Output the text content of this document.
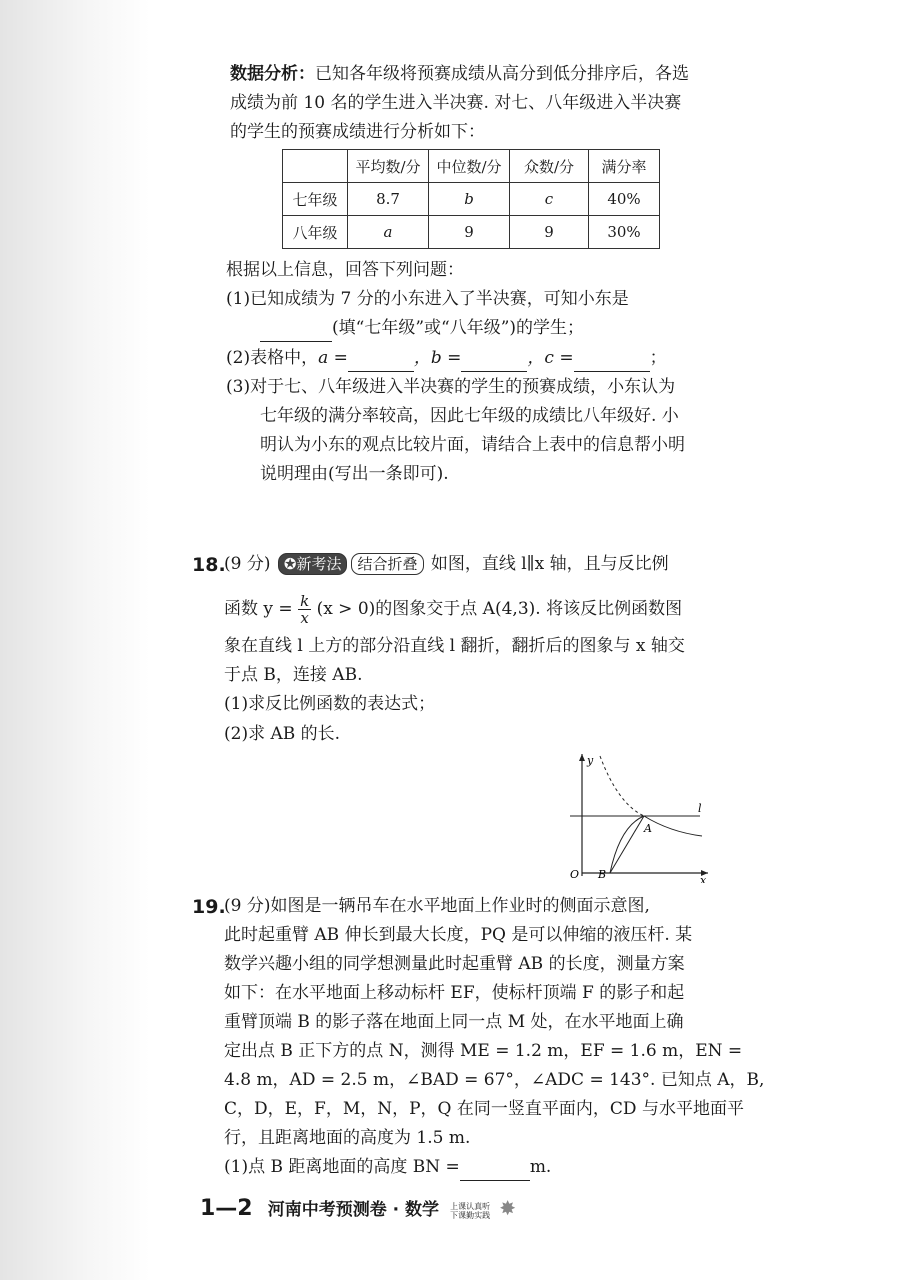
数据分析：已知各年级将预赛成绩从高分到低分排序后，各选
成绩为前 10 名的学生进入半决赛. 对七、八年级进入半决赛
的学生的预赛成绩进行分析如下：
	平均数/分	中位数/分	众数/分	满分率
七年级	8.7	b	c	40%
八年级	a	9	9	30%
根据以上信息，回答下列问题：
(1)已知成绩为 7 分的小东进入了半决赛，可知小东是
(填“七年级”或“八年级”)的学生；
(2)表格中，a =	，b =	，c =	；
(3)对于七、八年级进入半决赛的学生的预赛成绩，小东认为
七年级的满分率较高，因此七年级的成绩比八年级好. 小
明认为小东的观点比较片面，请结合上表中的信息帮小明
说明理由(写出一条即可).
18.
(9 分) ✪新考法 结合折叠 如图，直线 l∥x 轴，且与反比例
函数 $y = \frac{k}{x} (x > 0)$的图象交于点 A(4,3). 将该反比例函数图
象在直线 l 上方的部分沿直线 l 翻折，翻折后的图象与 x 轴交
于点 B，连接 AB.
(1)求反比例函数的表达式；
(2)求 AB 的长.
y
x
O B
A
l
19.
(9 分)如图是一辆吊车在水平地面上作业时的侧面示意图,
此时起重臂 AB 伸长到最大长度，PQ 是可以伸缩的液压杆. 某
数学兴趣小组的同学想测量此时起重臂 AB 的长度，测量方案
如下：在水平地面上移动标杆 EF，使标杆顶端 F 的影子和起
重臂顶端 B 的影子落在地面上同一点 M 处，在水平地面上确
定出点 B 正下方的点 N，测得 ME = 1.2 m，EF = 1.6 m，EN =
4.8 m，AD = 2.5 m，∠BAD = 67°，∠ADC = 143°. 已知点 A，B,
C，D，E，F，M，N，P，Q 在同一竖直平面内，CD 与水平地面平
行，且距离地面的高度为 1.5 m.
(1)点 B 距离地面的高度 BN =	m.
1—2 河南中考预测卷 · 数学 上课认真听
下课勤实践 ✸
